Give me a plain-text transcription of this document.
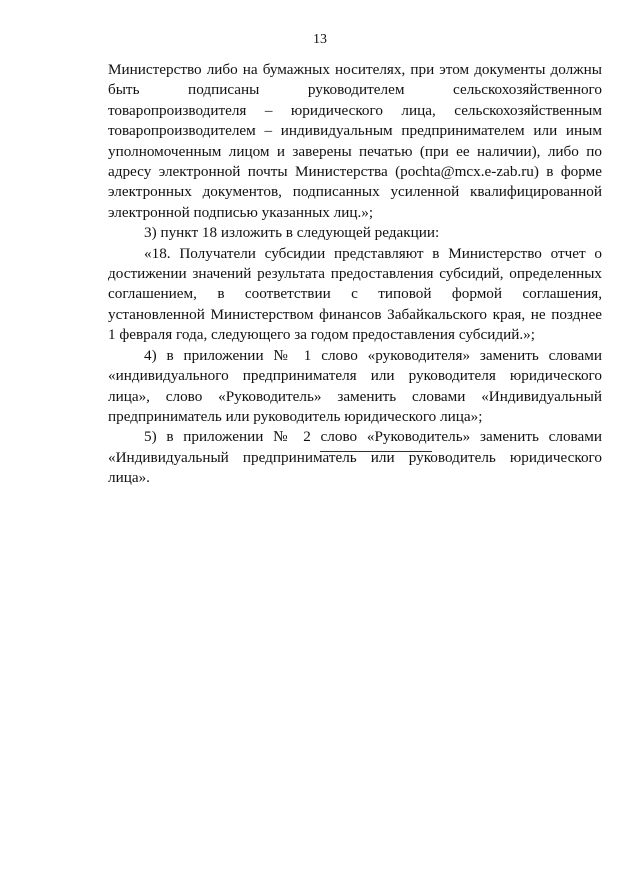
13

Министерство либо на бумажных носителях, при этом документы должны быть подписаны руководителем сельскохозяйственного товаропроизводителя – юридического лица, сельскохозяйственным товаропроизводителем – индивидуальным предпринимателем или иным уполномоченным лицом и заверены печатью (при ее наличии), либо по адресу электронной почты Министерства (pochta@mcx.e-zab.ru) в форме электронных документов, подписанных усиленной квалифицированной электронной подписью указанных лиц.»;

3) пункт 18 изложить в следующей редакции:

«18. Получатели субсидии представляют в Министерство отчет о достижении значений результата предоставления субсидий, определенных соглашением, в соответствии с типовой формой соглашения, установленной Министерством финансов Забайкальского края, не позднее 1 февраля года, следующего за годом предоставления субсидий.»;

4) в приложении № 1 слово «руководителя» заменить словами «индивидуального предпринимателя или руководителя юридического лица», слово «Руководитель» заменить словами «Индивидуальный предприниматель или руководитель юридического лица»;

5) в приложении № 2 слово «Руководитель» заменить словами «Индивидуальный предприниматель или руководитель юридического лица».
